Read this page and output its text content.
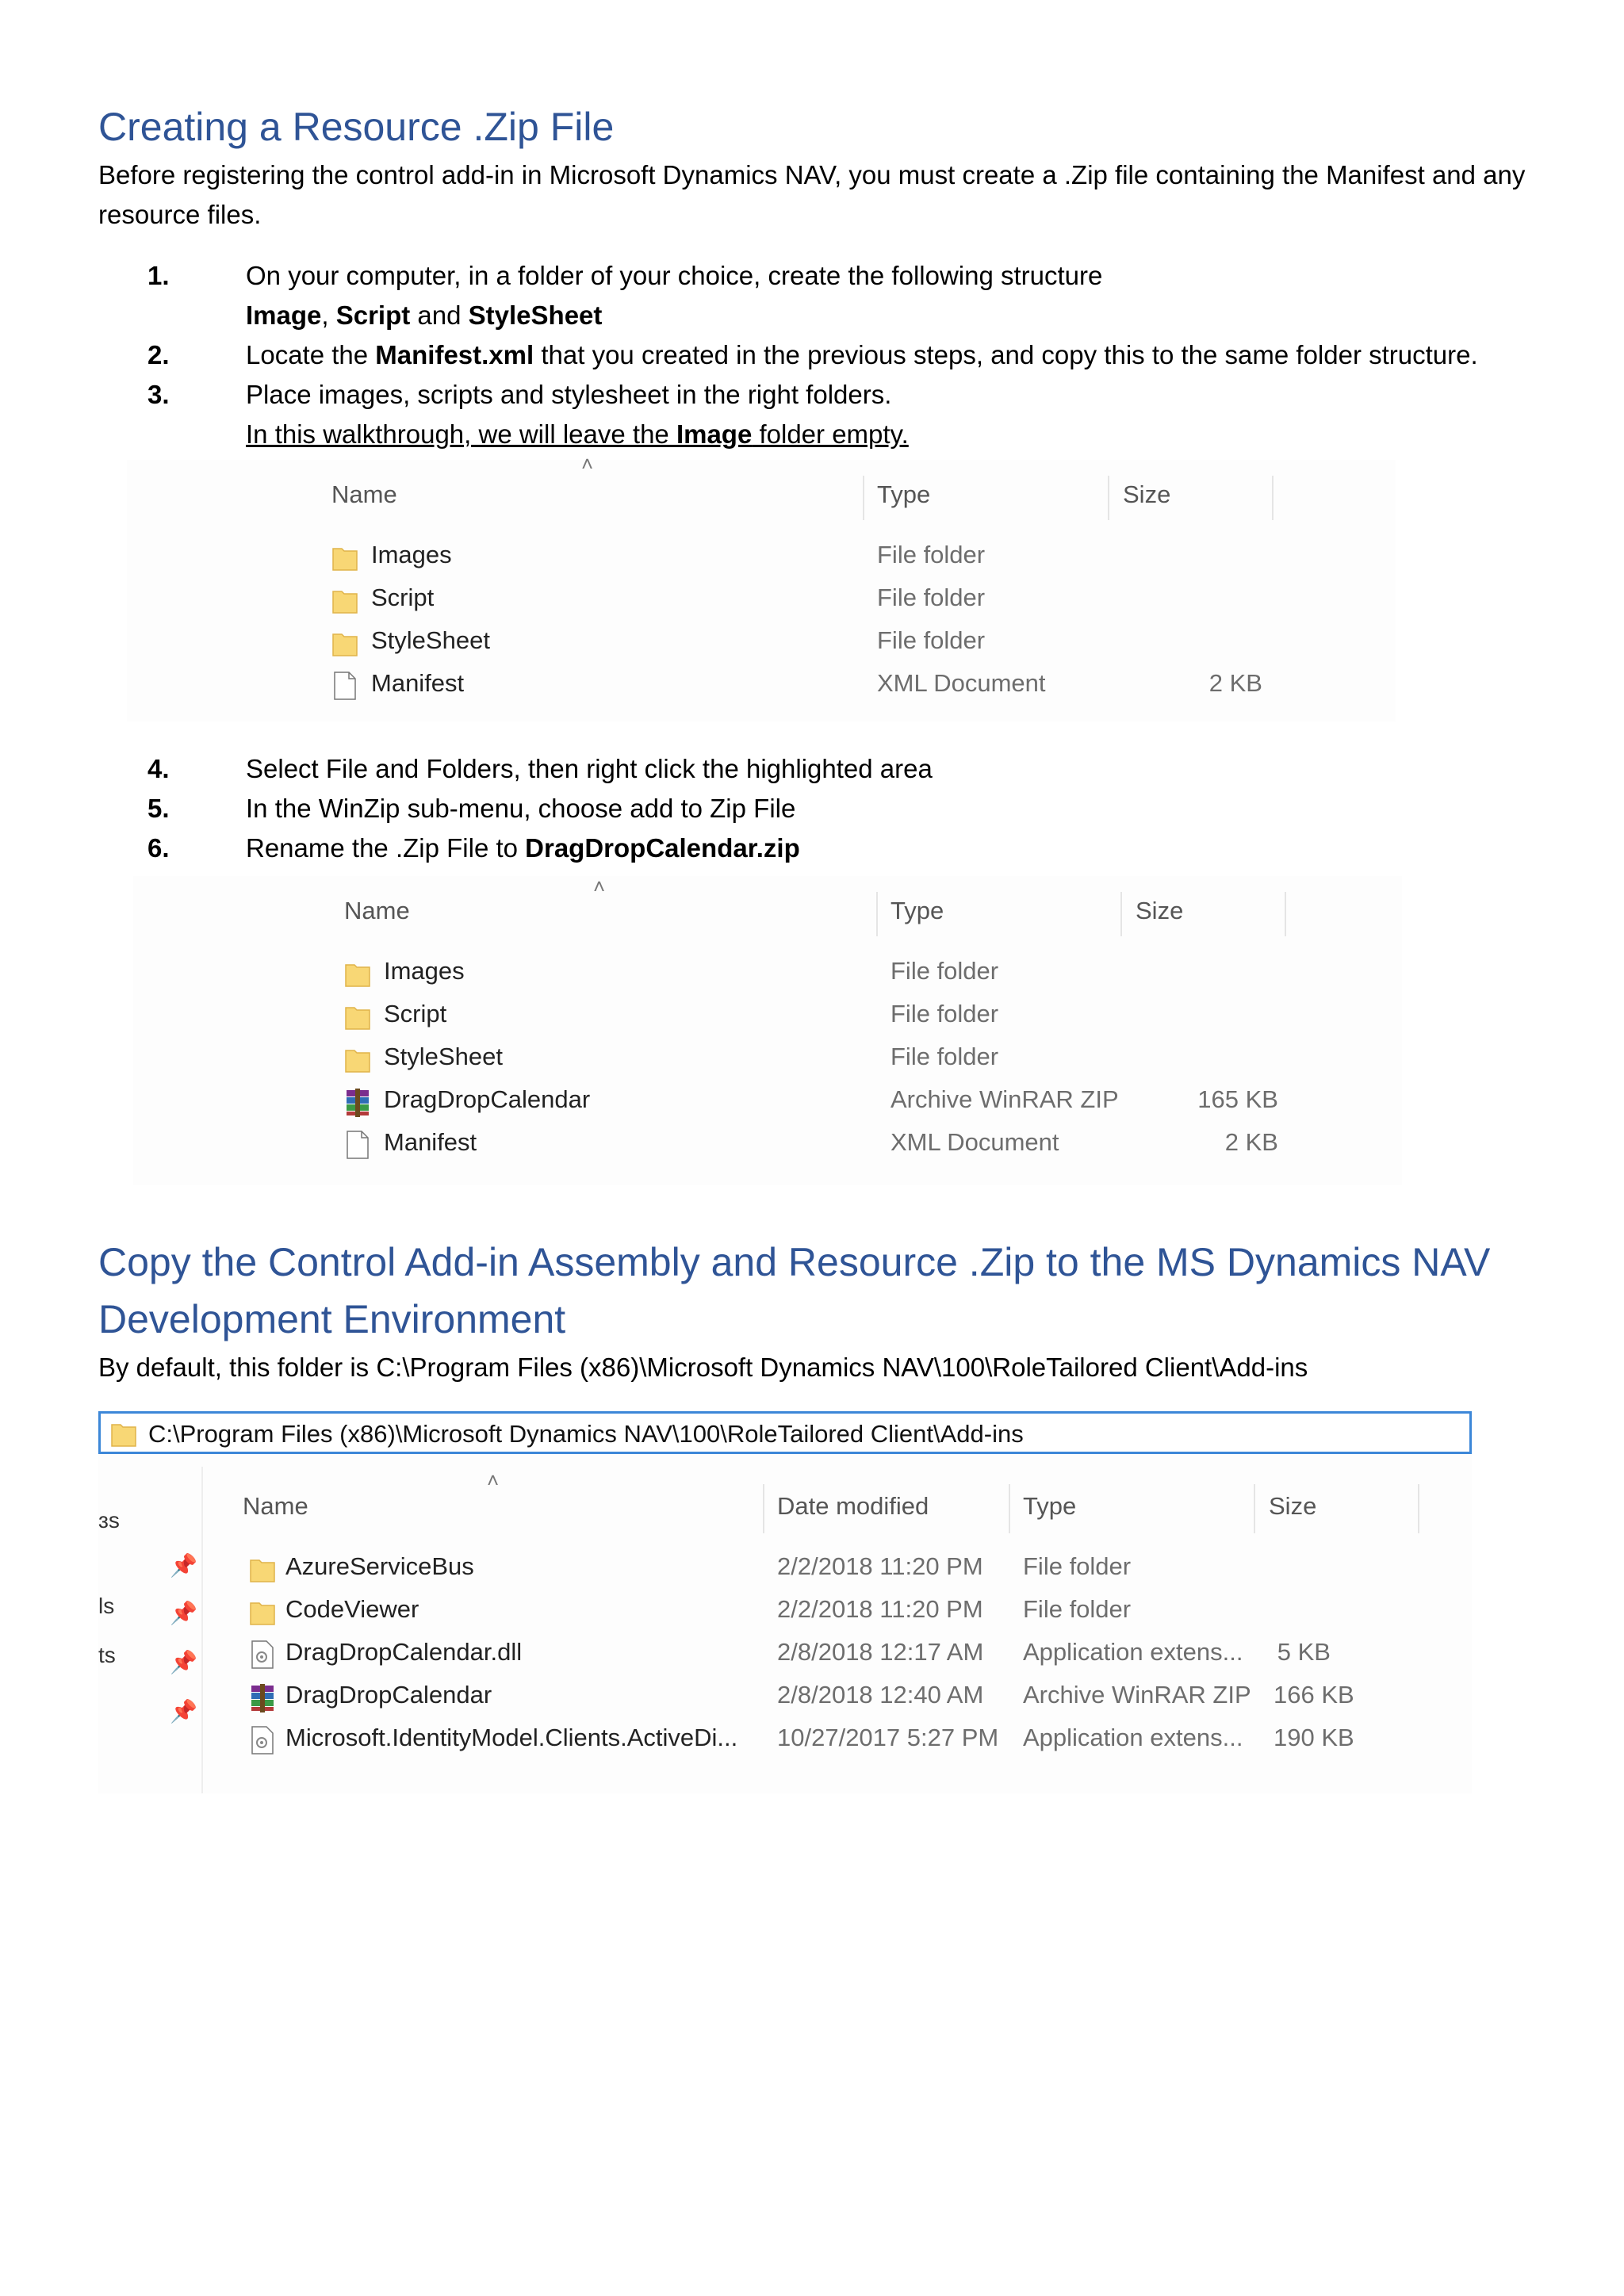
Creating a Resource .Zip File

Before registering the control add-in in Microsoft Dynamics NAV, you must create a .Zip file containing the Manifest and any resource files.

1.	On your computer, in a folder of your choice, create the following structure
Image, Script and StyleSheet
2.	Locate the Manifest.xml that you created in the previous steps, and copy this to the same folder structure.
3.	Place images, scripts and stylesheet in the right folders.
In this walkthrough, we will leave the Image folder empty.
˄
Name	Type	Size
Images	File folder
Script	File folder
StyleSheet	File folder
Manifest	XML Document	2 KB
4.	Select File and Folders, then right click the highlighted area
5.	In the WinZip sub-menu, choose add to Zip File
6.	Rename the .Zip File to DragDropCalendar.zip
˄
Name	Type	Size
Images	File folder
Script	File folder
StyleSheet	File folder
DragDropCalendar	Archive WinRAR ZIP	165 KB
Manifest	XML Document	2 KB
Copy the Control Add-in Assembly and Resource .Zip to the MS Dynamics NAV
Development Environment

By default, this folder is C:\Program Files (x86)\Microsoft Dynamics NAV\100\RoleTailored Client\Add-ins

C:\Program Files (x86)\Microsoft Dynamics NAV\100\RoleTailored Client\Add-ins
ɜs
📌
ls 📌
ts 📌
📌
˄
Name	Date modified	Type	Size
AzureServiceBus	2/2/2018 11:20 PM File folder
CodeViewer	2/2/2018 11:20 PM File folder
DragDropCalendar.dll	2/8/2018 12:17 AM Application extens... 5 KB
DragDropCalendar	2/8/2018 12:40 AM Archive WinRAR ZIP 166 KB
Microsoft.IdentityModel.Clients.ActiveDi... 10/27/2017 5:27 PM Application extens... 190 KB
